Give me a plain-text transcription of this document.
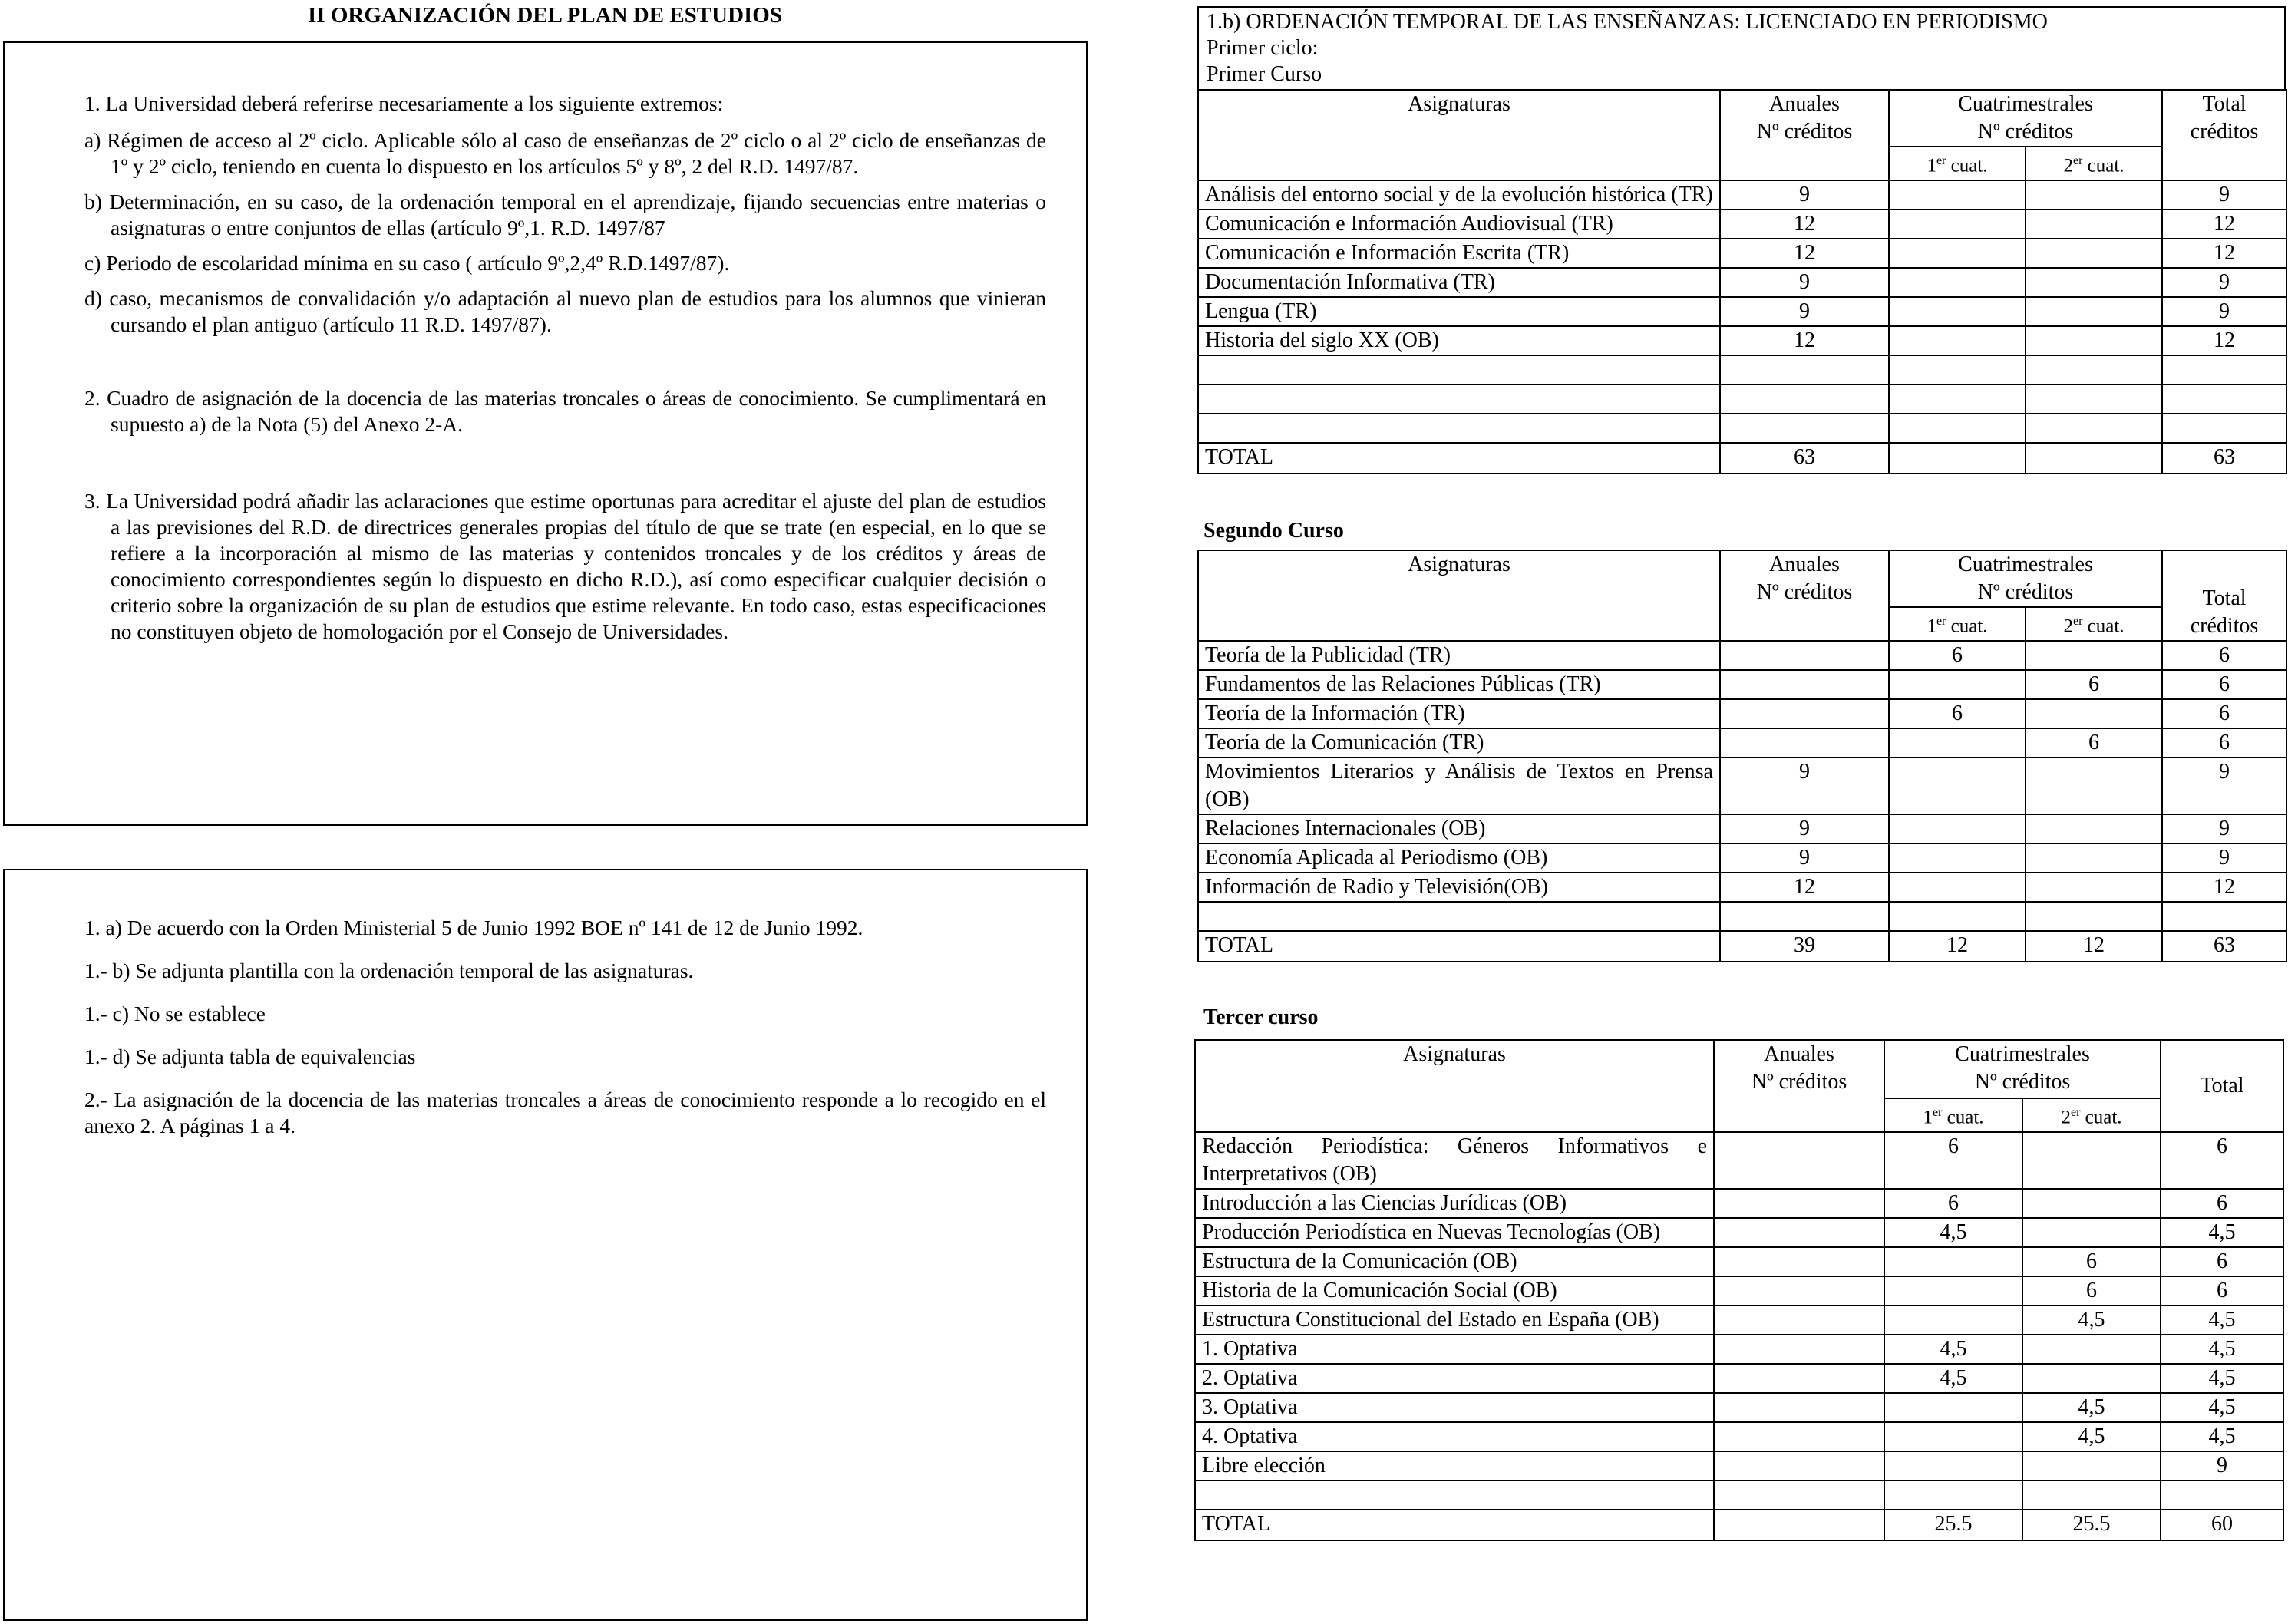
II ORGANIZACIÓN DEL PLAN DE ESTUDIOS

1. La Universidad deberá referirse necesariamente a los siguiente extremos:

a) Régimen de acceso al 2º ciclo. Aplicable sólo al caso de enseñanzas de 2º ciclo o al 2º ciclo de enseñanzas de 1º y 2º ciclo, teniendo en cuenta lo dispuesto en los artículos 5º y 8º, 2 del R.D. 1497/87.

b) Determinación, en su caso, de la ordenación temporal en el aprendizaje, fijando secuencias entre materias o asignaturas o entre conjuntos de ellas (artículo 9º,1. R.D. 1497/87

c) Periodo de escolaridad mínima en su caso ( artículo 9º,2,4º R.D.1497/87).

d) caso, mecanismos de convalidación y/o adaptación al nuevo plan de estudios para los alumnos que vinieran cursando el plan antiguo (artículo 11 R.D. 1497/87).

2. Cuadro de asignación de la docencia de las materias troncales o áreas de conocimiento. Se cumplimentará en supuesto a) de la Nota (5) del Anexo 2-A.

3. La Universidad podrá añadir las aclaraciones que estime oportunas para acreditar el ajuste del plan de estudios a las previsiones del R.D. de directrices generales propias del título de que se trate (en especial, en lo que se refiere a la incorporación al mismo de las materias y contenidos troncales y de los créditos y áreas de conocimiento correspondientes según lo dispuesto en dicho R.D.), así como especificar cualquier decisión o criterio sobre la organización de su plan de estudios que estime relevante. En todo caso, estas especificaciones no constituyen objeto de homologación por el Consejo de Universidades.

1. a) De acuerdo con la Orden Ministerial 5 de Junio 1992 BOE nº 141 de 12 de Junio 1992.

1.- b) Se adjunta plantilla con la ordenación temporal de las asignaturas.

1.- c) No se establece

1.- d) Se adjunta tabla de equivalencias

2.- La asignación de la docencia de las materias troncales a áreas de conocimiento responde a lo recogido en el anexo 2. A páginas 1 a 4.

1.b) ORDENACIÓN TEMPORAL DE LAS ENSEÑANZAS: LICENCIADO EN PERIODISMO
Primer ciclo:
Primer Curso
Asignaturas	Anuales
Nº créditos	Cuatrimestrales
Nº créditos		Total
créditos
		1er cuat.	2er cuat.	
Análisis del entorno social y de la evolución histórica (TR)	9			9
Comunicación e Información Audiovisual (TR)	12			12
Comunicación e Información Escrita (TR)	12			12
Documentación Informativa (TR)	9			9
Lengua (TR)	9			9
Historia del siglo XX (OB)	12			12

TOTAL	63			63
Segundo Curso
Asignaturas	Anuales
Nº créditos	Cuatrimestrales
Nº créditos		Total
créditos
		1er cuat.	2er cuat.	
Teoría de la Publicidad (TR)		6		6
Fundamentos de las Relaciones Públicas (TR)			6	6
Teoría de la Información (TR)		6		6
Teoría de la Comunicación (TR)			6	6
Movimientos Literarios y Análisis de Textos en Prensa (OB)	9			9
Relaciones Internacionales (OB)	9			9
Economía Aplicada al Periodismo (OB)	9			9
Información de Radio y Televisión(OB)	12			12

TOTAL	39	12	12	63
Tercer curso
Asignaturas	Anuales
Nº créditos	Cuatrimestrales
Nº créditos		Total
		1er cuat.	2er cuat.	
Redacción Periodística: Géneros Informativos e Interpretativos (OB)		6		6
Introducción a las Ciencias Jurídicas (OB)		6		6
Producción Periodística en Nuevas Tecnologías (OB)		4,5		4,5
Estructura de la Comunicación (OB)			6	6
Historia de la Comunicación Social (OB)			6	6
Estructura Constitucional del Estado en España (OB)			4,5	4,5
1. Optativa		4,5		4,5
2. Optativa		4,5		4,5
3. Optativa			4,5	4,5
4. Optativa			4,5	4,5
Libre elección				9

TOTAL		25.5	25.5	60
